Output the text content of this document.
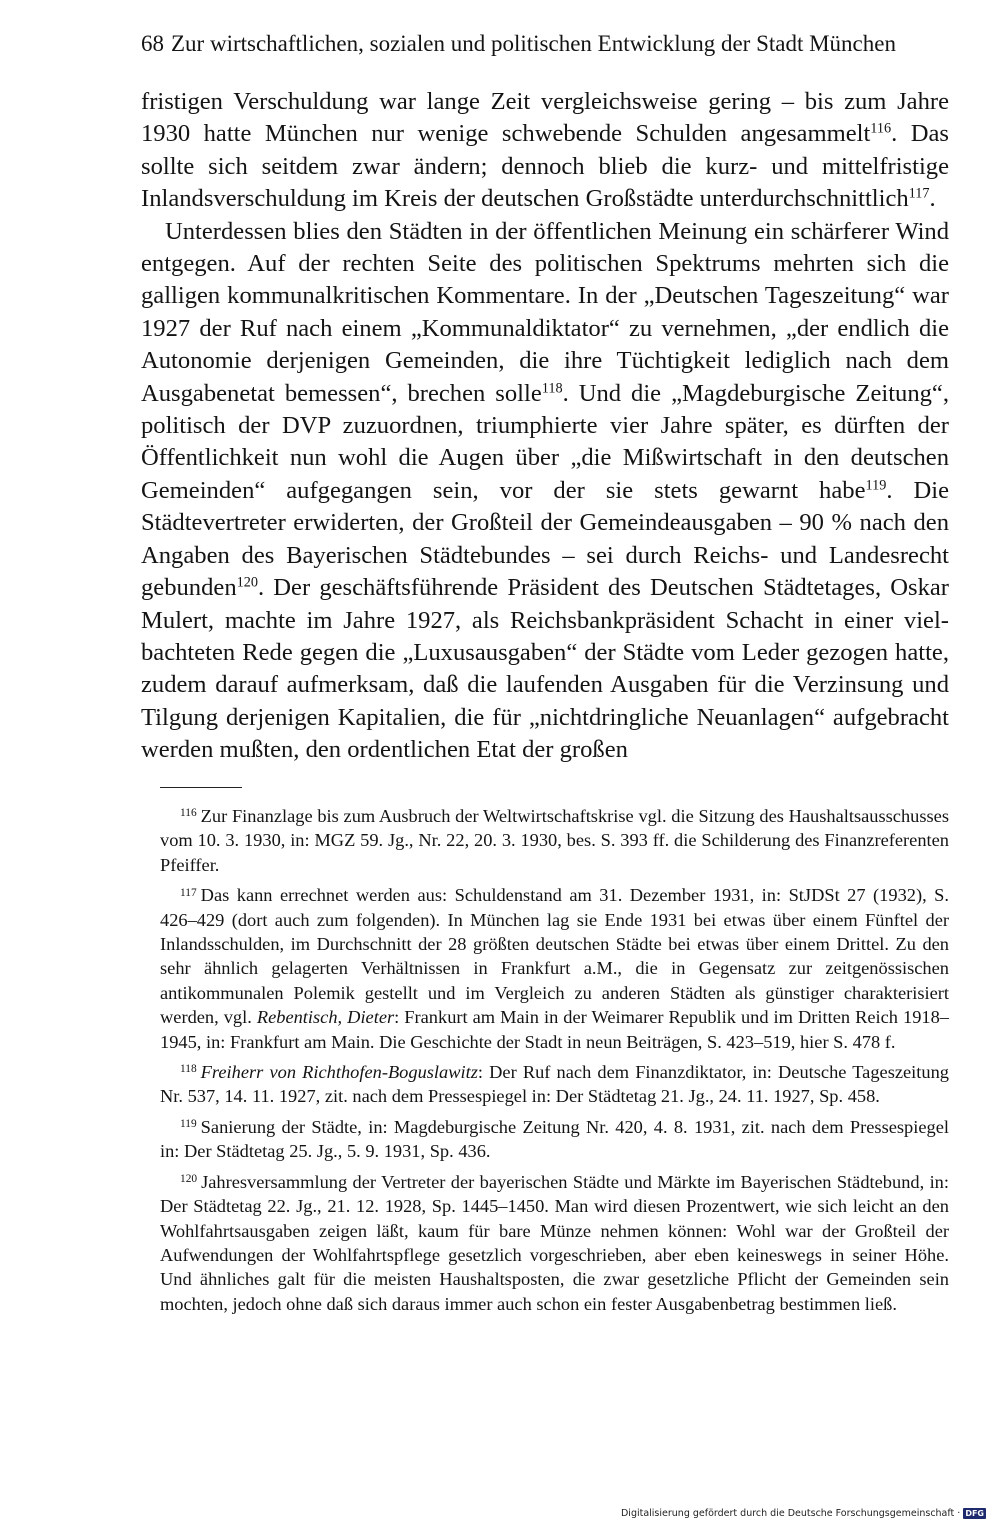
68 Zur wirtschaftlichen, sozialen und politischen Entwicklung der Stadt München

fristigen Verschuldung war lange Zeit vergleichsweise gering – bis zum Jahre 1930 hatte München nur wenige schwebende Schulden angesammelt$^{116}$. Das sollte sich seitdem zwar ändern; dennoch blieb die kurz- und mittelfristige Inlandsverschuldung im Kreis der deutschen Großstädte unterdurchschnittlich$^{117}$.

Unterdessen blies den Städten in der öffentlichen Meinung ein schärferer Wind entgegen. Auf der rechten Seite des politischen Spektrums mehrten sich die galligen kommunalkritischen Kommentare. In der „Deutschen Tageszeitung“ war 1927 der Ruf nach einem „Kommunaldiktator“ zu vernehmen, „der endlich die Autonomie derjenigen Gemeinden, die ihre Tüchtigkeit lediglich nach dem Ausgabenetat bemessen“, brechen solle$^{118}$. Und die „Magdeburgische Zeitung“, politisch der DVP zuzuordnen, triumphierte vier Jahre später, es dürften der Öffentlichkeit nun wohl die Augen über „die Mißwirtschaft in den deutschen Gemeinden“ aufgegangen sein, vor der sie stets gewarnt habe$^{119}$. Die Städtevertreter erwiderten, der Großteil der Gemeindeausgaben – 90 % nach den Angaben des Bayerischen Städtebundes – sei durch Reichs- und Landesrecht gebunden$^{120}$. Der geschäftsführende Präsident des Deutschen Städtetages, Oskar Mulert, machte im Jahre 1927, als Reichsbankpräsident Schacht in einer vielbachteten Rede gegen die „Luxusausgaben“ der Städte vom Leder gezogen hatte, zudem darauf aufmerksam, daß die laufenden Ausgaben für die Verzinsung und Tilgung derjenigen Kapitalien, die für „nichtdringliche Neuanlagen“ aufgebracht werden mußten, den ordentlichen Etat der großen

$^{116}$ Zur Finanzlage bis zum Ausbruch der Weltwirtschaftskrise vgl. die Sitzung des Haushaltsausschusses vom 10. 3. 1930, in: MGZ 59. Jg., Nr. 22, 20. 3. 1930, bes. S. 393 ff. die Schilderung des Finanzreferenten Pfeiffer.

$^{117}$ Das kann errechnet werden aus: Schuldenstand am 31. Dezember 1931, in: StJDSt 27 (1932), S. 426–429 (dort auch zum folgenden). In München lag sie Ende 1931 bei etwas über einem Fünftel der Inlandsschulden, im Durchschnitt der 28 größten deutschen Städte bei etwas über einem Drittel. Zu den sehr ähnlich gelagerten Verhältnissen in Frankfurt a.M., die in Gegensatz zur zeitgenössischen antikommunalen Polemik gestellt und im Vergleich zu anderen Städten als günstiger charakterisiert werden, vgl. Rebentisch, Dieter: Frankurt am Main in der Weimarer Republik und im Dritten Reich 1918–1945, in: Frankfurt am Main. Die Geschichte der Stadt in neun Beiträgen, S. 423–519, hier S. 478 f.

$^{118}$ Freiherr von Richthofen-Boguslawitz: Der Ruf nach dem Finanzdiktator, in: Deutsche Tageszeitung Nr. 537, 14. 11. 1927, zit. nach dem Pressespiegel in: Der Städtetag 21. Jg., 24. 11. 1927, Sp. 458.

$^{119}$ Sanierung der Städte, in: Magdeburgische Zeitung Nr. 420, 4. 8. 1931, zit. nach dem Pressespiegel in: Der Städtetag 25. Jg., 5. 9. 1931, Sp. 436.

$^{120}$ Jahresversammlung der Vertreter der bayerischen Städte und Märkte im Bayerischen Städtebund, in: Der Städtetag 22. Jg., 21. 12. 1928, Sp. 1445–1450. Man wird diesen Prozentwert, wie sich leicht an den Wohlfahrtsausgaben zeigen läßt, kaum für bare Münze nehmen können: Wohl war der Großteil der Aufwendungen der Wohlfahrtspflege gesetzlich vorgeschrieben, aber eben keineswegs in seiner Höhe. Und ähnliches galt für die meisten Haushaltsposten, die zwar gesetzliche Pflicht der Gemeinden sein mochten, jedoch ohne daß sich daraus immer auch schon ein fester Ausgabenbetrag bestimmen ließ.

Digitalisierung gefördert durch die Deutsche Forschungsgemeinschaft · DFG
